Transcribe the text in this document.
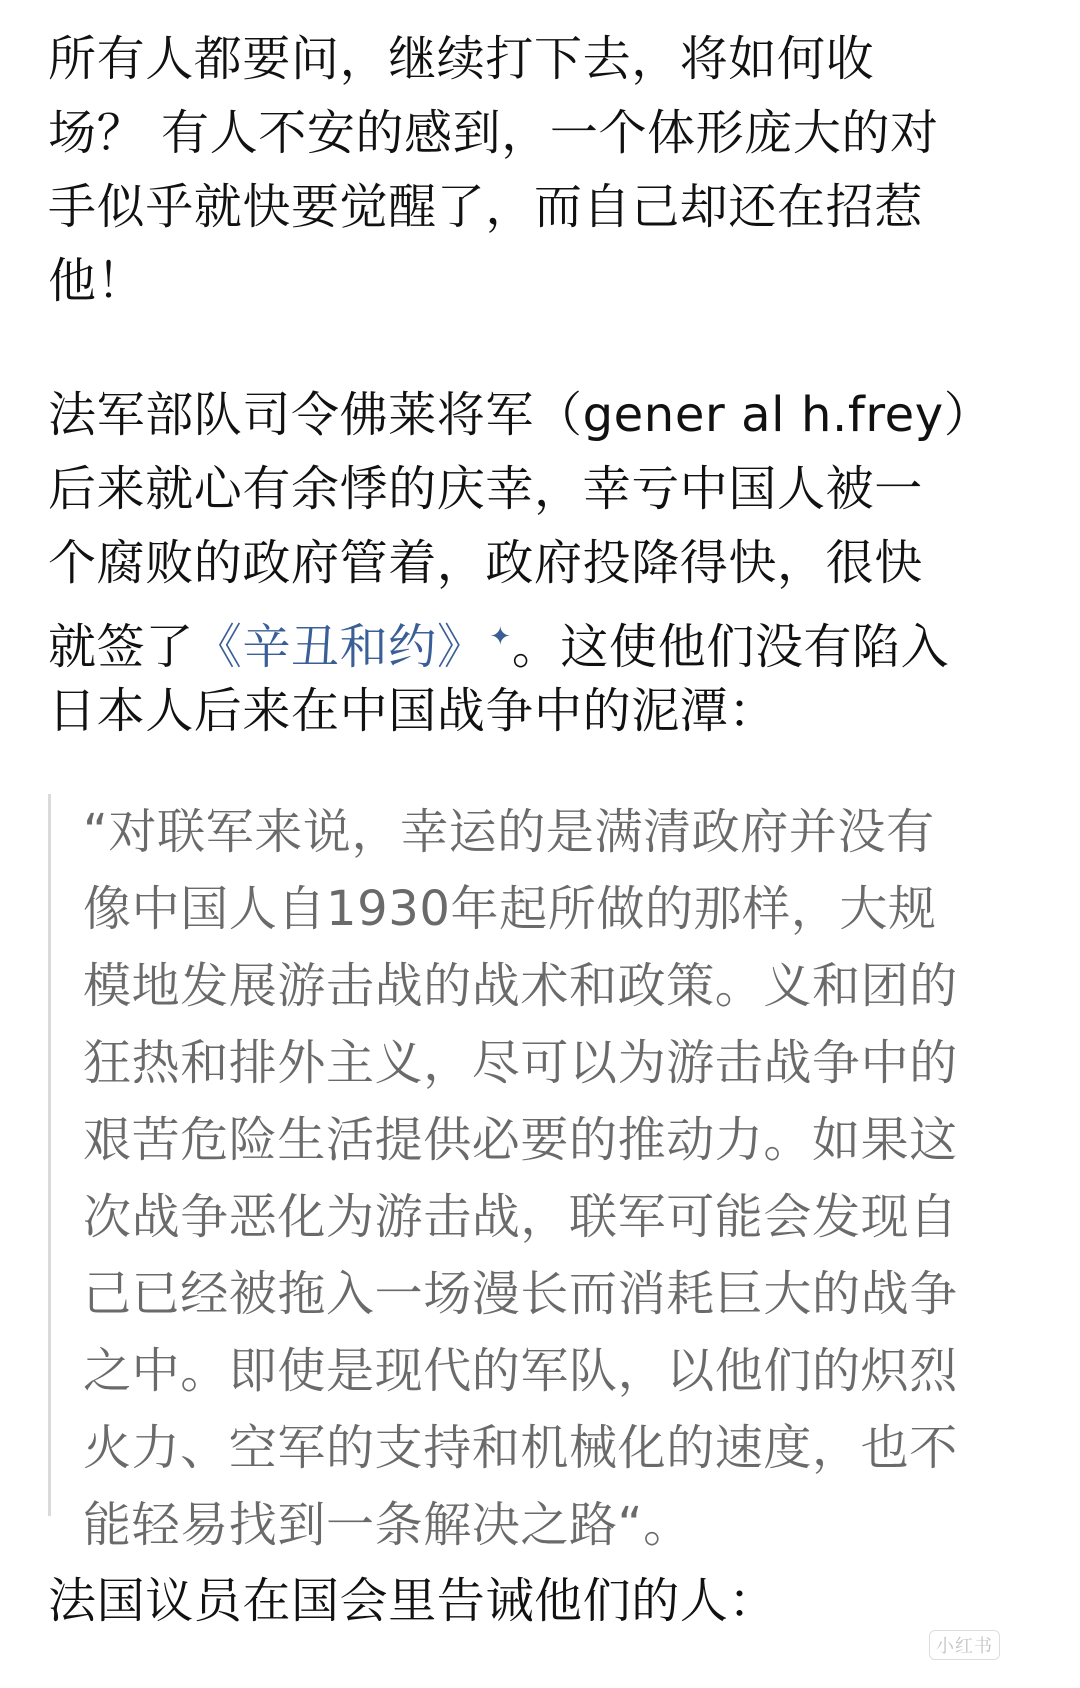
所有人都要问，继续打下去，将如何收
场？ 有人不安的感到，一个体形庞大的对
手似乎就快要觉醒了，而自己却还在招惹
他！
法军部队司令佛莱将军（gener al h.frey）
后来就心有余悸的庆幸，幸亏中国人被一
个腐败的政府管着，政府投降得快，很快
就签了《辛丑和约》 ✦。这使他们没有陷入
日本人后来在中国战争中的泥潭：
“对联军来说，幸运的是满清政府并没有
像中国人自1930年起所做的那样，大规
模地发展游击战的战术和政策。义和团的
狂热和排外主义，尽可以为游击战争中的
艰苦危险生活提供必要的推动力。如果这
次战争恶化为游击战，联军可能会发现自
己已经被拖入一场漫长而消耗巨大的战争
之中。即使是现代的军队，以他们的炽烈
火力、空军的支持和机械化的速度，也不
能轻易找到一条解决之路“。
法国议员在国会里告诫他们的人：
小红书
